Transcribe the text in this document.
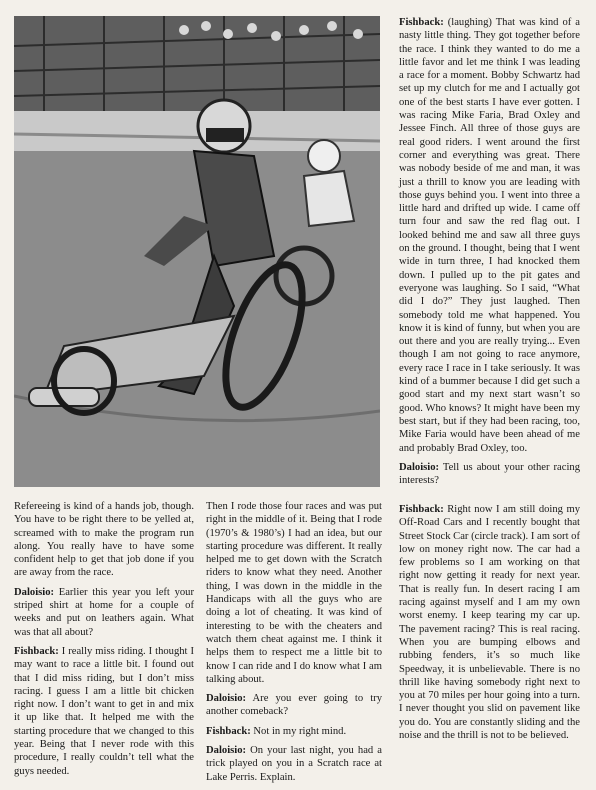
Fishback: (laughing) That was kind of a nasty little thing. They got together before the race. I think they wanted to do me a little favor and let me think I was leading a race for a moment. Bobby Schwartz had set up my clutch for me and I actually got one of the best starts I have ever gotten. I was racing Mike Faria, Brad Oxley and Jessee Finch. All three of those guys are real good riders. I went around the first corner and everything was great. There was nobody beside of me and man, it was just a thrill to know you are leading with those guys behind you. I went into three a little hard and drifted up wide. I came off turn four and saw the red flag out. I looked behind me and saw all three guys on the ground. I thought, being that I went wide in turn three, I had knocked them down. I pulled up to the pit gates and everyone was laughing. So I said, “What did I do?” They just laughed. Then somebody told me what happened. You know it is kind of funny, but when you are out there and you are really trying... Even though I am not going to race anymore, every race I race in I take seriously. It was kind of a bummer because I did get such a good start and my next start wasn’t so good. Who knows? It might have been my best start, but if they had been racing, too, Mike Faria would have been ahead of me and probably Brad Oxley, too.

Daloisio: Tell us about your other racing interests?

Refereeing is kind of a hands job, though. You have to be right there to be yelled at, screamed with to make the program run along. You really have to have some confident help to get that job done if you are away from the race.

Daloisio: Earlier this year you left your striped shirt at home for a couple of weeks and put on leathers again. What was that all about?

Fishback: I really miss riding. I thought I may want to race a little bit. I found out that I did miss riding, but I don’t miss racing. I guess I am a little bit chicken right now. I don’t want to get in and mix it up like that. It helped me with the starting procedure that we changed to this year. Being that I never rode with this procedure, I really couldn’t tell what the guys needed.

Then I rode those four races and was put right in the middle of it. Being that I rode (1970’s & 1980’s) I had an idea, but our starting procedure was different. It really helped me to get down with the Scratch riders to know what they need. Another thing, I was down in the middle in the Handicaps with all the guys who are doing a lot of cheating. It was kind of interesting to be with the cheaters and watch them cheat against me. I think it helps them to respect me a little bit to know I can ride and I do know what I am talking about.

Daloisio: Are you ever going to try another comeback?

Fishback: Not in my right mind.

Daloisio: On your last night, you had a trick played on you in a Scratch race at Lake Perris. Explain.

Fishback: Right now I am still doing my Off-Road Cars and I recently bought that Street Stock Car (circle track). I am sort of low on money right now. The car had a few problems so I am working on that right now getting it ready for next year. That is really fun. In desert racing I am racing against myself and I am my own worst enemy. I keep tearing my car up. The pavement racing? This is real racing. When you are bumping elbows and rubbing fenders, it’s so much like Speedway, it is unbelievable. There is no thrill like having somebody right next to you at 70 miles per hour going into a turn. I never thought you slid on pavement like you do. You are constantly sliding and the noise and the thrill is not to be believed.
